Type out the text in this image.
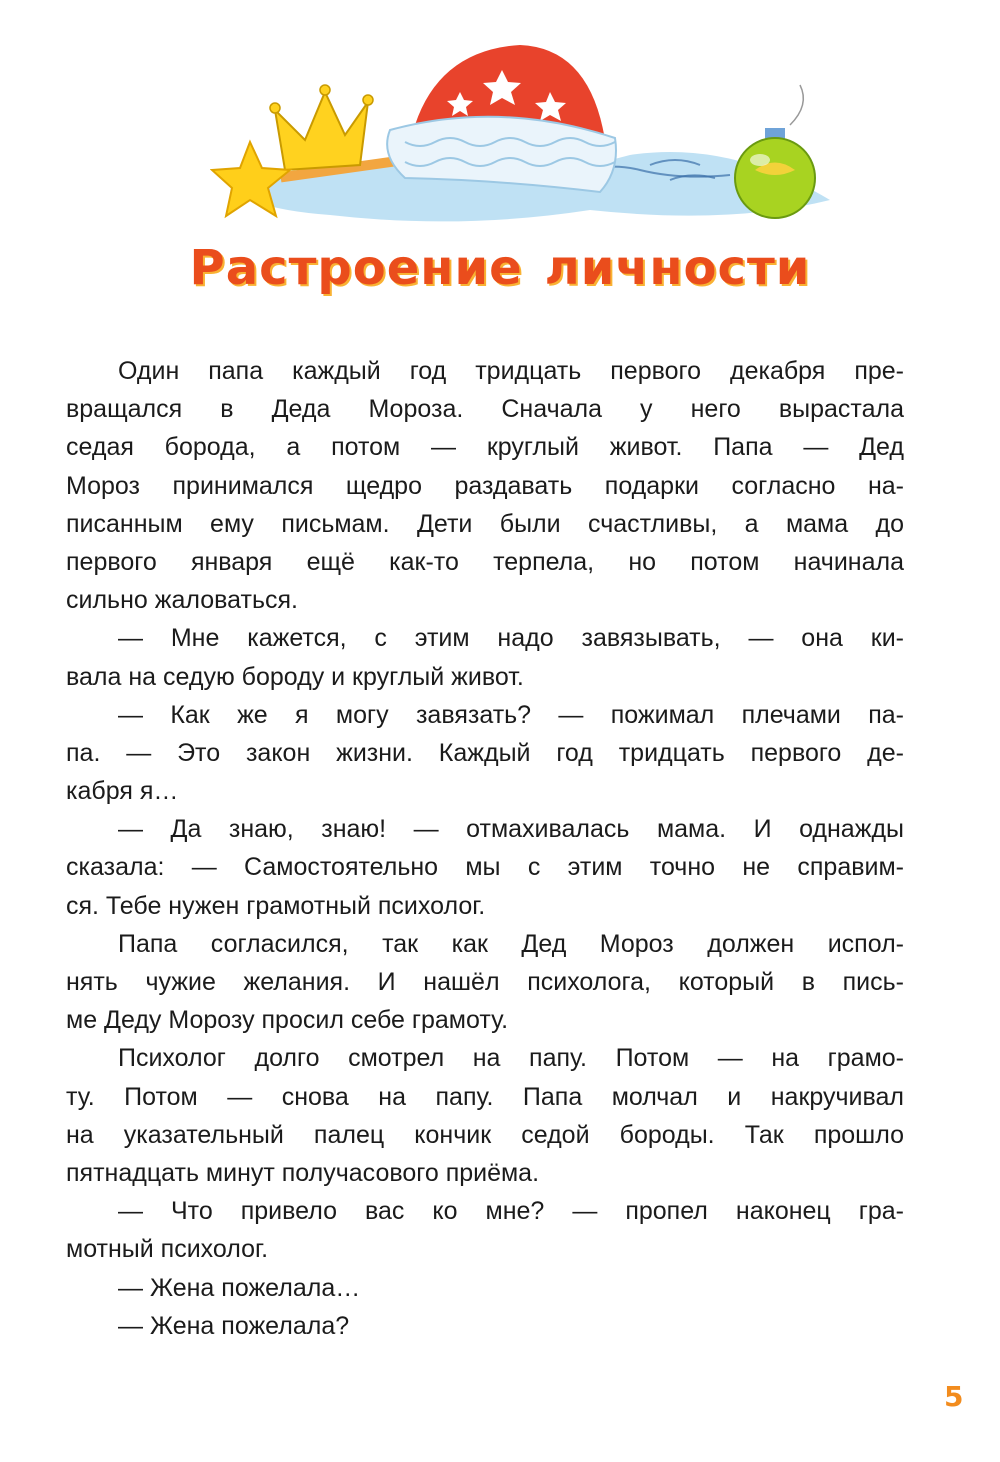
Растроение личности
Один папа каждый год тридцать первого декабря пре-
вращался в Деда Мороза. Сначала у него вырастала
седая борода, а потом — круглый живот. Папа — Дед
Мороз принимался щедро раздавать подарки согласно на-
писанным ему письмам. Дети были счастливы, а мама до
первого января ещё как-то терпела, но потом начинала
сильно жаловаться.
— Мне кажется, с этим надо завязывать, — она ки-
вала на седую бороду и круглый живот.
— Как же я могу завязать? — пожимал плечами па-
па. — Это закон жизни. Каждый год тридцать первого де-
кабря я…
— Да знаю, знаю! — отмахивалась мама. И однажды
сказала: — Самостоятельно мы с этим точно не справим-
ся. Тебе нужен грамотный психолог.
Папа согласился, так как Дед Мороз должен испол-
нять чужие желания. И нашёл психолога, который в пись-
ме Деду Морозу просил себе грамоту.
Психолог долго смотрел на папу. Потом — на грамо-
ту. Потом — снова на папу. Папа молчал и накручивал
на указательный палец кончик седой бороды. Так прошло
пятнадцать минут получасового приёма.
— Что привело вас ко мне? — пропел наконец гра-
мотный психолог.
— Жена пожелала…
— Жена пожелала?

5
